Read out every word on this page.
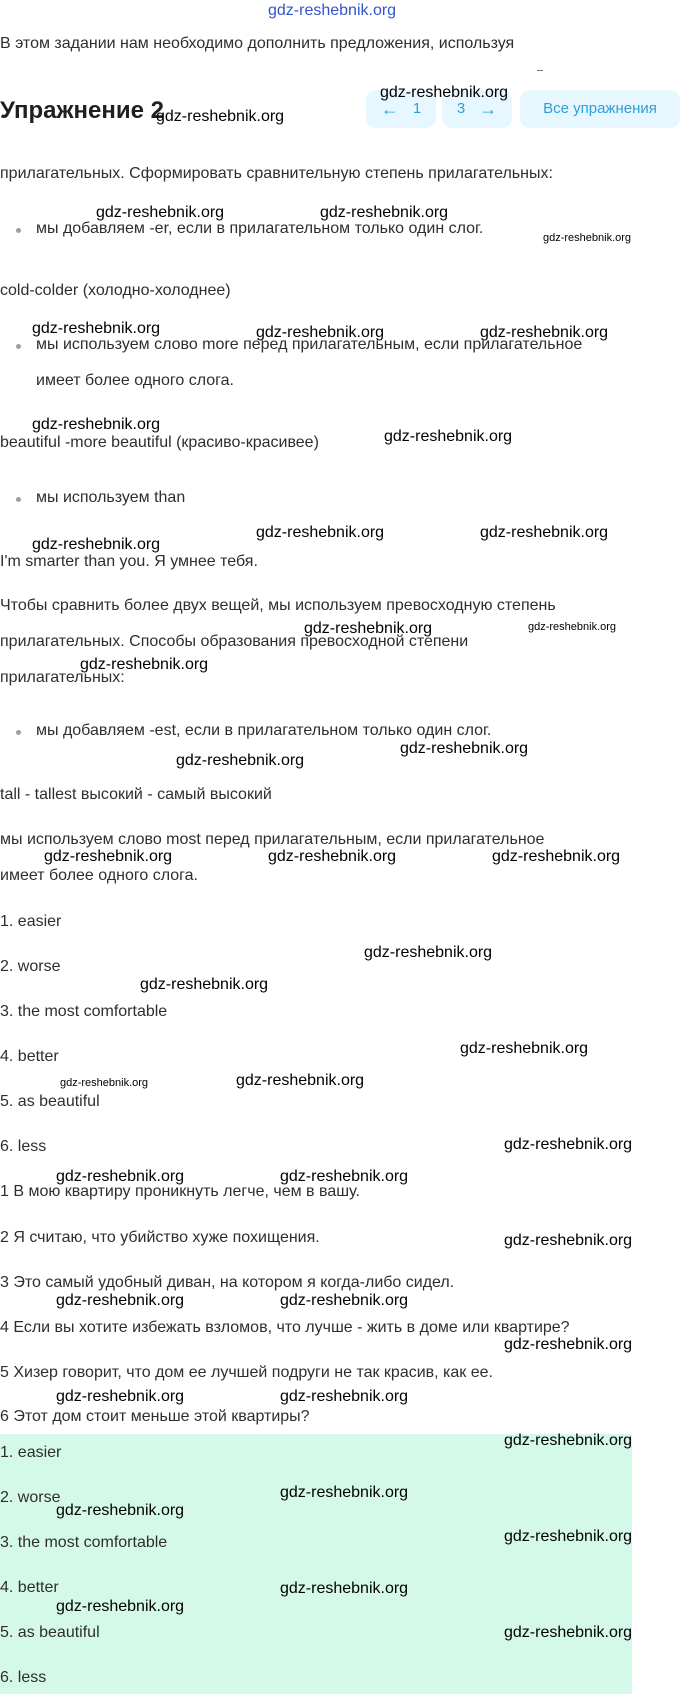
gdz-reshebnik.org
В этом задании нам необходимо дополнить предложения, используя
Упражнение 2	← 1 3 →	Все упражнения
прилагательных. Сформировать сравнительную степень прилагательных:
мы добавляем -er, если в прилагательном только один слог.
cold-colder (холодно-холоднее)
мы используем слово more перед прилагательным, если прилагательное
имеет более одного слога.
beautiful -more beautiful (красиво-красивее)
мы используем than
I'm smarter than you. Я умнее тебя.
Чтобы сравнить более двух вещей, мы используем превосходную степень
прилагательных. Способы образования превосходной степени
прилагательных:
мы добавляем -est, если в прилагательном только один слог.
tall - tallest высокий - самый высокий
мы используем слово most перед прилагательным, если прилагательное
имеет более одного слога.
1. easier
2. worse
3. the most comfortable
4. better
5. as beautiful
6. less
1 В мою квартиру проникнуть легче, чем в вашу.
2 Я считаю, что убийство хуже похищения.
3 Это самый удобный диван, на котором я когда-либо сидел.
4 Если вы хотите избежать взломов, что лучше - жить в доме или квартире?
5 Хизер говорит, что дом ее лучшей подруги не так красив, как ее.
6 Этот дом стоит меньше этой квартиры?
1. easier
2. worse
3. the most comfortable
4. better
5. as beautiful
6. less
gdz-reshebnik.org
gdz-reshebnik.org
gdz-reshebnik.org	gdz-reshebnik.org
gdz-reshebnik.org
gdz-reshebnik.org	gdz-reshebnik.org	gdz-reshebnik.org
gdz-reshebnik.org
gdz-reshebnik.org
gdz-reshebnik.org	gdz-reshebnik.org
gdz-reshebnik.org
gdz-reshebnik.org	gdz-reshebnik.org
gdz-reshebnik.org
gdz-reshebnik.org
gdz-reshebnik.org
gdz-reshebnik.org	gdz-reshebnik.org	gdz-reshebnik.org
gdz-reshebnik.org
gdz-reshebnik.org
gdz-reshebnik.org
gdz-reshebnik.org
gdz-reshebnik.org
gdz-reshebnik.org
gdz-reshebnik.org	gdz-reshebnik.org
gdz-reshebnik.org
gdz-reshebnik.org	gdz-reshebnik.org
gdz-reshebnik.org
gdz-reshebnik.org	gdz-reshebnik.org
gdz-reshebnik.org
gdz-reshebnik.org
gdz-reshebnik.org
gdz-reshebnik.org
gdz-reshebnik.org
gdz-reshebnik.org
gdz-reshebnik.org
